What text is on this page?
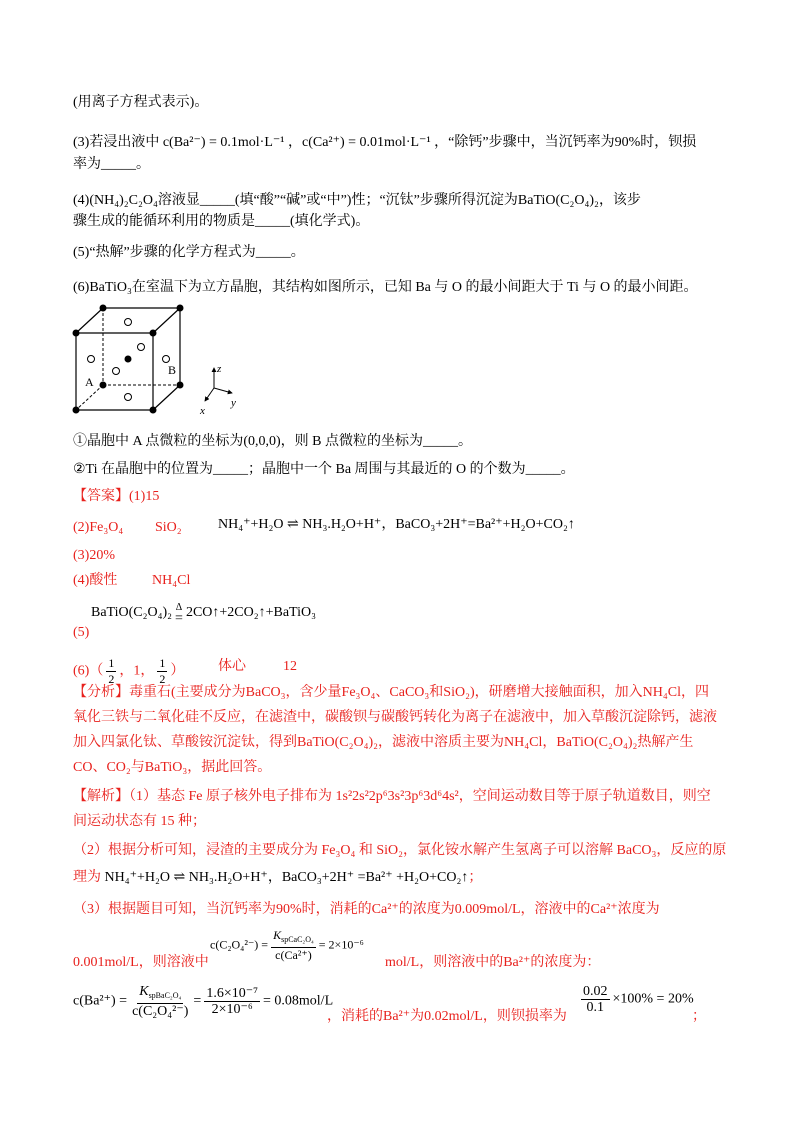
(用离子方程式表示)。
(3)若浸出液中 c(Ba²⁻) = 0.1mol·L⁻¹ ，c(Ca²⁺) = 0.01mol·L⁻¹ ，“除钙”步骤中，当沉钙率为90%时，钡损
率为_____。
(4)(NH₄)₂C₂O₄溶液显_____(填“酸”“碱”或“中”)性；“沉钛”步骤所得沉淀为BaTiO(C₂O₄)₂，该步
骤生成的能循环利用的物质是_____(填化学式)。
(5)“热解”步骤的化学方程式为_____。
(6)BaTiO₃在室温下为立方晶胞，其结构如图所示，已知 Ba 与 O 的最小间距大于 Ti 与 O 的最小间距。
A
B	z
y
x
①晶胞中 A 点微粒的坐标为(0,0,0)，则 B 点微粒的坐标为_____。
②Ti 在晶胞中的位置为_____；晶胞中一个 Ba 周围与其最近的 O 的个数为_____。
【答案】(1)15
(2)Fe₃O₄ SiO₂	NH₄⁺+H₂O ⇌ NH₃.H₂O+H⁺，BaCO₃+2H⁺=Ba²⁺+H₂O+CO₂↑
(3)20%
(4)酸性 NH₄Cl
BaTiO(C₂O₄)₂ Δ
= 2CO↑+2CO₂↑+BaTiO₃
(5)
$(6)( \frac{1}{2}$ ，1， $\frac{1}{2}$ ） 体心	12
【分析】毒重石(主要成分为BaCO₃，含少量Fe₃O₄、CaCO₃和SiO₂)，研磨增大接触面积，加入NH₄Cl，四
氧化三铁与二氧化硅不反应，在滤渣中，碳酸钡与碳酸钙转化为离子在滤液中，加入草酸沉淀除钙，滤液
加入四氯化钛、草酸铵沉淀钛，得到BaTiO(C₂O₄)₂，滤液中溶质主要为NH₄Cl，BaTiO(C₂O₄)₂热解产生
CO、CO₂与BaTiO₃，据此回答。
【解析】（1）基态 Fe 原子核外电子排布为 1s²2s²2p⁶3s²3p⁶3d⁶4s²，空间运动数目等于原子轨道数目，则空
间运动状态有 15 种；
（2）根据分析可知，浸渣的主要成分为 Fe₃O₄ 和 SiO₂，氯化铵水解产生氢离子可以溶解 BaCO₃，反应的原
理为 NH₄⁺+H₂O ⇌ NH₃.H₂O+H⁺，BaCO₃+2H⁺ =Ba²⁺ +H₂O+CO₂↑；
（3）根据题目可知，当沉钙率为90%时，消耗的Ca²⁺的浓度为0.009mol/L，溶液中的Ca²⁺浓度为
$c(C_2O_4^{2-}) = \frac{K_{spCaC_2O_4}}{\text{c(Ca²⁺)}} = 2\times 10^{-6}$
0.001mol/L，则溶液中	mol/L，则溶液中的Ba²⁺的浓度为：
$c(Ba^{2+}) = \frac{K_{spBaC_2O_4}}{\text{c(C₂O₄²⁻)}} = \frac{\text{1.6×10⁻⁷}}{\text{2×10⁻⁶}} = 0.08mol/L$
，消耗的Ba²⁺为0.02mol/L，则钡损率为
$\frac{0.02}{0.1} \times 100\% = 20\%$
；
